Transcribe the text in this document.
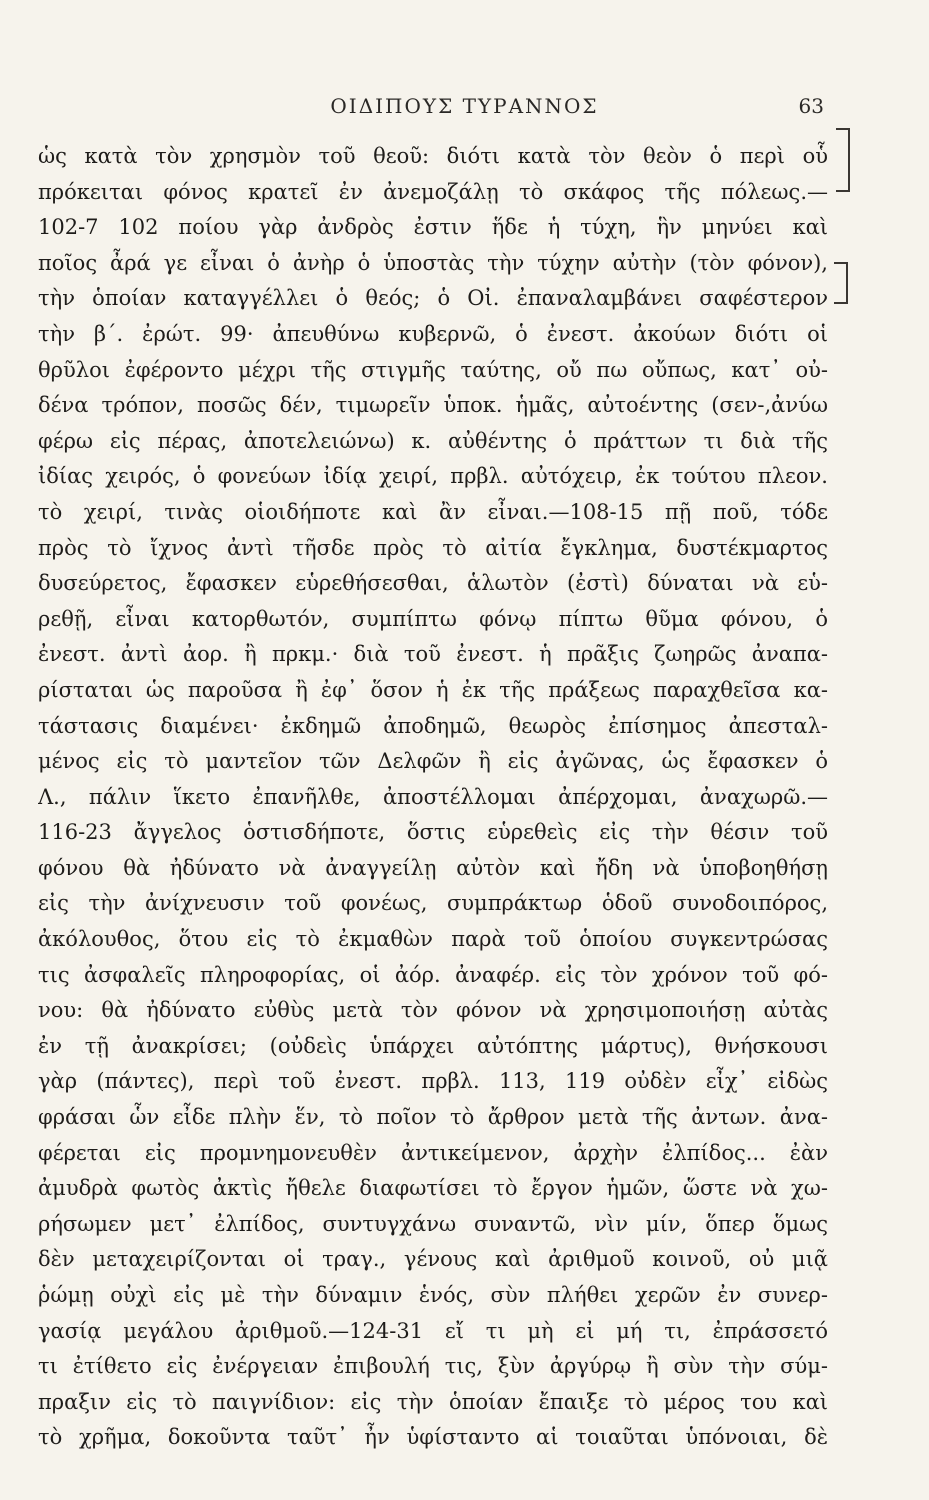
ΟΙΔΙΠΟΥΣ ΤΥΡΑΝΝΟΣ	63
ὡς κατὰ τὸν χρησμὸν τοῦ θεοῦ: διότι κατὰ τὸν θεὸν ὁ περὶ οὗ
πρόκειται φόνος κρατεῖ ἐν ἀνεμοζάλῃ τὸ σκάφος τῆς πόλεως.—
102-7 102 ποίου γὰρ ἀνδρὸς ἐστιν ἥδε ἡ τύχη, ἣν μηνύει καὶ
ποῖος ἆρά γε εἶναι ὁ ἀνὴρ ὁ ὑποστὰς τὴν τύχην αὐτὴν (τὸν φόνον),
τὴν ὁποίαν καταγγέλλει ὁ θεός; ὁ Οἰ. ἐπαναλαμβάνει σαφέστερον
τὴν β΄. ἐρώτ. 99· ἀπευθύνω κυβερνῶ, ὁ ἐνεστ. ἀκούων διότι οἱ
θρῦλοι ἐφέροντο μέχρι τῆς στιγμῆς ταύτης, οὔ πω οὔπως, κατ᾽ οὐ-
δένα τρόπον, ποσῶς δέν, τιμωρεῖν ὑποκ. ἡμᾶς, αὐτοέντης (σεν-,ἀνύω
φέρω εἰς πέρας, ἀποτελειώνω) κ. αὐθέντης ὁ πράττων τι διὰ τῆς
ἰδίας χειρός, ὁ φονεύων ἰδίᾳ χειρί, πρβλ. αὐτόχειρ, ἐκ τούτου πλεον.
τὸ χειρί, τινὰς οἱοιδήποτε καὶ ἂν εἶναι.—108-15 πῇ ποῦ, τόδε
πρὸς τὸ ἴχνος ἀντὶ τῆσδε πρὸς τὸ αἰτία ἔγκλημα, δυστέκμαρτος
δυσεύρετος, ἔφασκεν εὑρεθήσεσθαι, ἁλωτὸν (ἐστὶ) δύναται νὰ εὑ-
ρεθῇ, εἶναι κατορθωτόν, συμπίπτω φόνῳ πίπτω θῦμα φόνου, ὁ
ἐνεστ. ἀντὶ ἀορ. ἢ πρκμ.· διὰ τοῦ ἐνεστ. ἡ πρᾶξις ζωηρῶς ἀναπα-
ρίσταται ὡς παροῦσα ἢ ἐφ᾽ ὅσον ἡ ἐκ τῆς πράξεως παραχθεῖσα κα-
τάστασις διαμένει· ἐκδημῶ ἀποδημῶ, θεωρὸς ἐπίσημος ἀπεσταλ-
μένος εἰς τὸ μαντεῖον τῶν Δελφῶν ἢ εἰς ἀγῶνας, ὡς ἔφασκεν ὁ
Λ., πάλιν ἵκετο ἐπανῆλθε, ἀποστέλλομαι ἀπέρχομαι, ἀναχωρῶ.—
116-23 ἄγγελος ὁστισδήποτε, ὅστις εὑρεθεὶς εἰς τὴν θέσιν τοῦ
φόνου θὰ ἠδύνατο νὰ ἀναγγείλῃ αὐτὸν καὶ ἤδη νὰ ὑποβοηθήσῃ
εἰς τὴν ἀνίχνευσιν τοῦ φονέως, συμπράκτωρ ὁδοῦ συνοδοιπόρος,
ἀκόλουθος, ὅτου εἰς τὸ ἐκμαθὼν παρὰ τοῦ ὁποίου συγκεντρώσας
τις ἀσφαλεῖς πληροφορίας, οἱ ἀόρ. ἀναφέρ. εἰς τὸν χρόνον τοῦ φό-
νου: θὰ ἠδύνατο εὐθὺς μετὰ τὸν φόνον νὰ χρησιμοποιήσῃ αὐτὰς
ἐν τῇ ἀνακρίσει; (οὐδεὶς ὑπάρχει αὐτόπτης μάρτυς), θνήσκουσι
γὰρ (πάντες), περὶ τοῦ ἐνεστ. πρβλ. 113, 119 οὐδὲν εἶχ᾽ εἰδὼς
φράσαι ὧν εἶδε πλὴν ἕν, τὸ ποῖον τὸ ἄρθρον μετὰ τῆς ἀντων. ἀνα-
φέρεται εἰς προμνημονευθὲν ἀντικείμενον, ἀρχὴν ἐλπίδος... ἐὰν
ἀμυδρὰ φωτὸς ἀκτὶς ἤθελε διαφωτίσει τὸ ἔργον ἡμῶν, ὥστε νὰ χω-
ρήσωμεν μετ᾽ ἐλπίδος, συντυγχάνω συναντῶ, νὶν μίν, ὅπερ ὅμως
δὲν μεταχειρίζονται οἱ τραγ., γένους καὶ ἀριθμοῦ κοινοῦ, οὐ μιᾷ
ῥώμῃ οὐχὶ εἰς μὲ τὴν δύναμιν ἑνός, σὺν πλήθει χερῶν ἐν συνερ-
γασίᾳ μεγάλου ἀριθμοῦ.—124-31 εἴ τι μὴ εἰ μή τι, ἐπράσσετό
τι ἐτίθετο εἰς ἐνέργειαν ἐπιβουλή τις, ξὺν ἀργύρῳ ἢ σὺν τὴν σύμ-
πραξιν εἰς τὸ παιγνίδιον: εἰς τὴν ὁποίαν ἔπαιξε τὸ μέρος του καὶ
τὸ χρῆμα, δοκοῦντα ταῦτ᾽ ἦν ὑφίσταντο αἱ τοιαῦται ὑπόνοιαι, δὲ
